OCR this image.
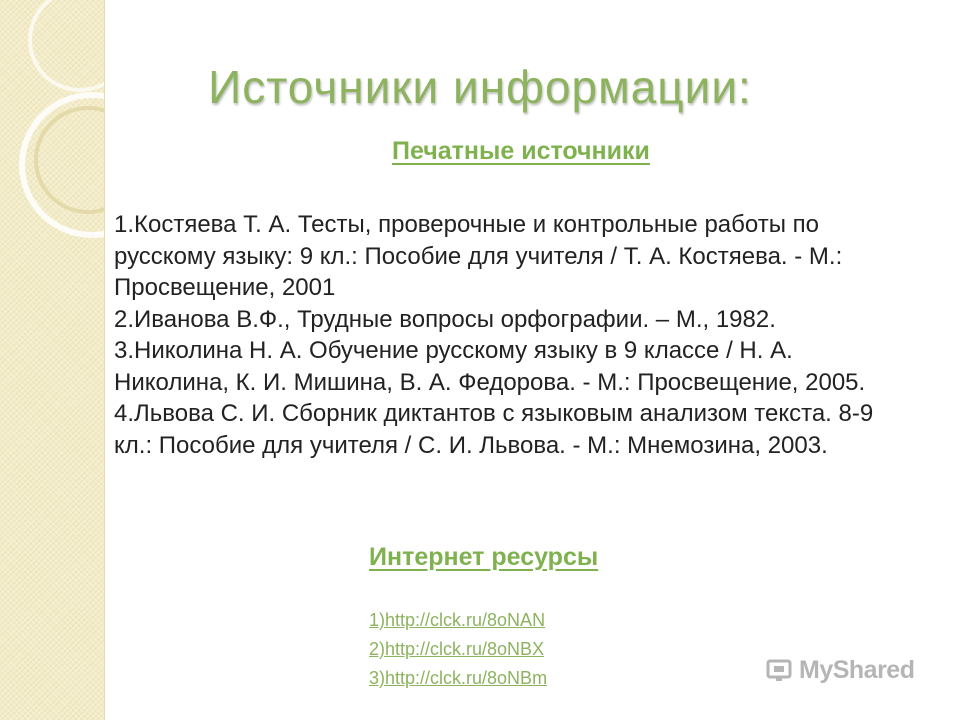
Источники информации:
Печатные источники
1.Костяева Т. А. Тесты, проверочные и контрольные работы по русскому языку: 9 кл.: Пособие для учителя / Т. А. Костяева. - М.: Просвещение, 2001
2.Иванова В.Ф., Трудные вопросы орфографии. – М., 1982.
3.Николина Н. А. Обучение русскому языку в 9 классе / Н. А. Николина, К. И. Мишина, В. А. Федорова. - М.: Просвещение, 2005.
4.Львова С. И. Сборник диктантов с языковым анализом текста. 8-9 кл.: Пособие для учителя / С. И. Львова. - М.: Мнемозина, 2003.
Интернет ресурсы
1)http://clck.ru/8oNAN
2)http://clck.ru/8oNBX
3)http://clck.ru/8oNBm	MyShared
